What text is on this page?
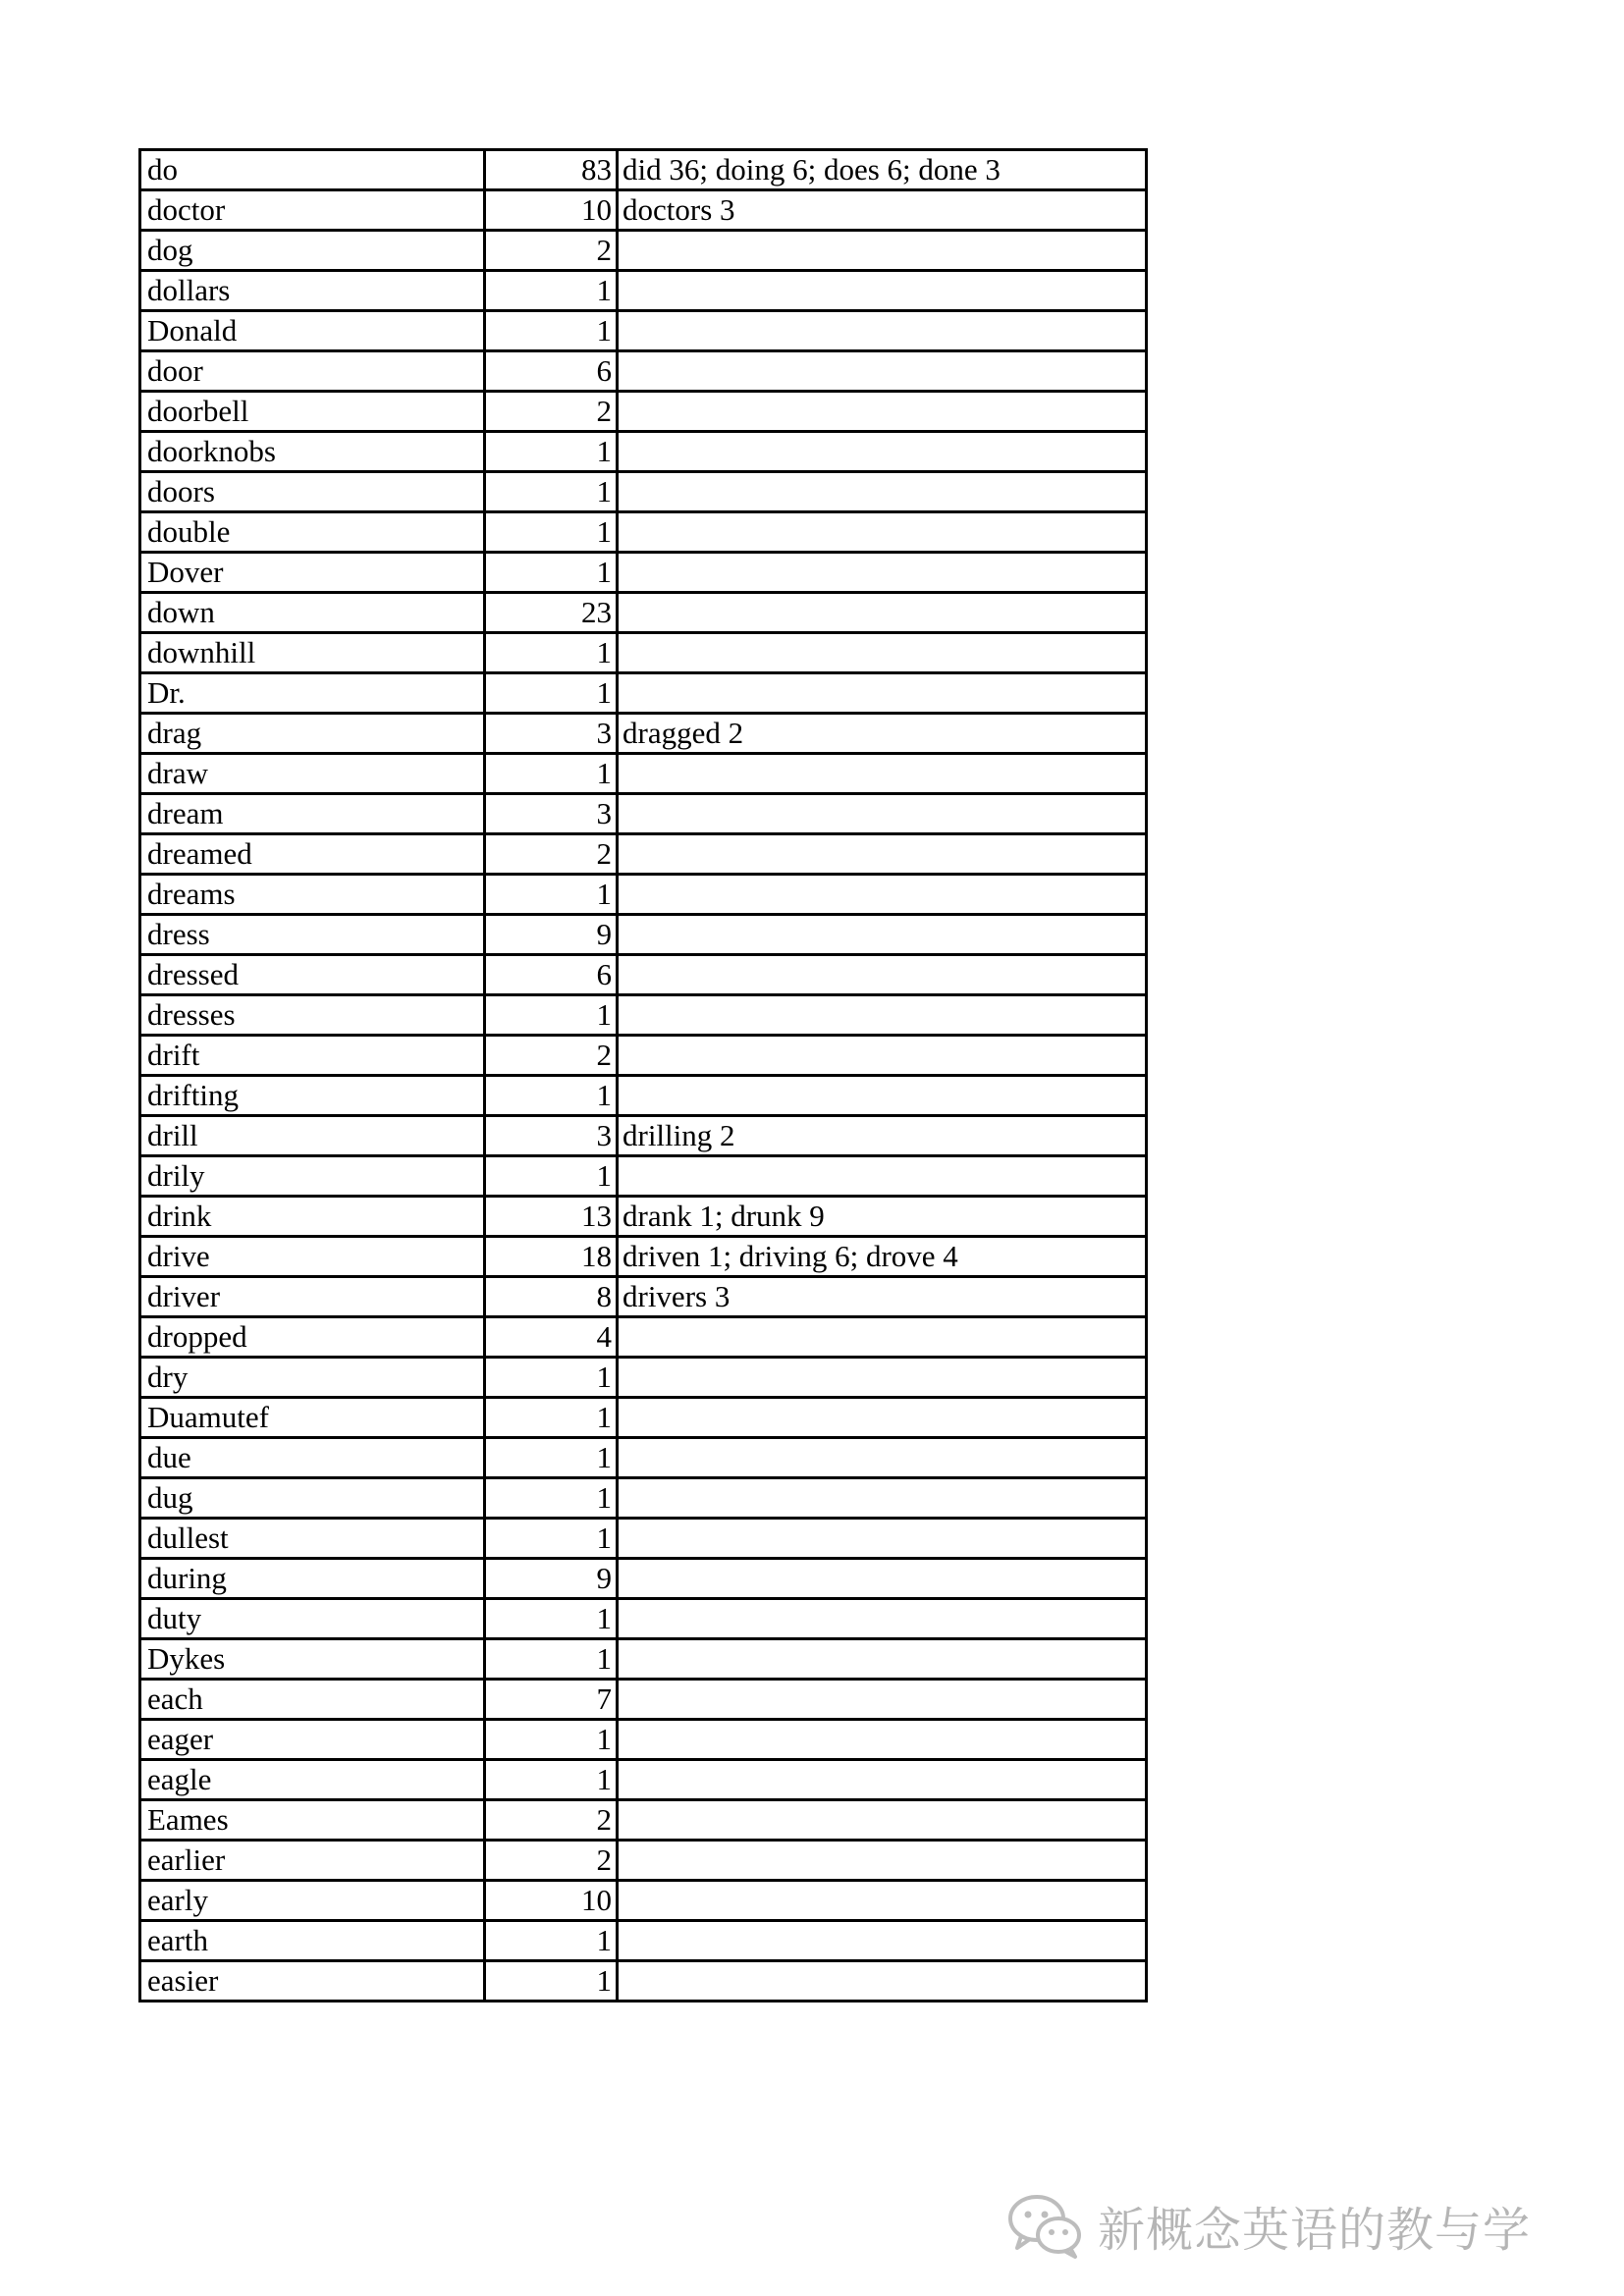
do	83	did 36; doing 6; does 6; done 3
doctor	10	doctors 3
dog	2	
dollars	1	
Donald	1	
door	6	
doorbell	2	
doorknobs	1	
doors	1	
double	1	
Dover	1	
down	23	
downhill	1	
Dr.	1	
drag	3	dragged 2
draw	1	
dream	3	
dreamed	2	
dreams	1	
dress	9	
dressed	6	
dresses	1	
drift	2	
drifting	1	
drill	3	drilling 2
drily	1	
drink	13	drank 1; drunk 9
drive	18	driven 1; driving 6; drove 4
driver	8	drivers 3
dropped	4	
dry	1	
Duamutef	1	
due	1	
dug	1	
dullest	1	
during	9	
duty	1	
Dykes	1	
each	7	
eager	1	
eagle	1	
Eames	2	
earlier	2	
early	10	
earth	1	
easier	1	
新概念英语的教与学
